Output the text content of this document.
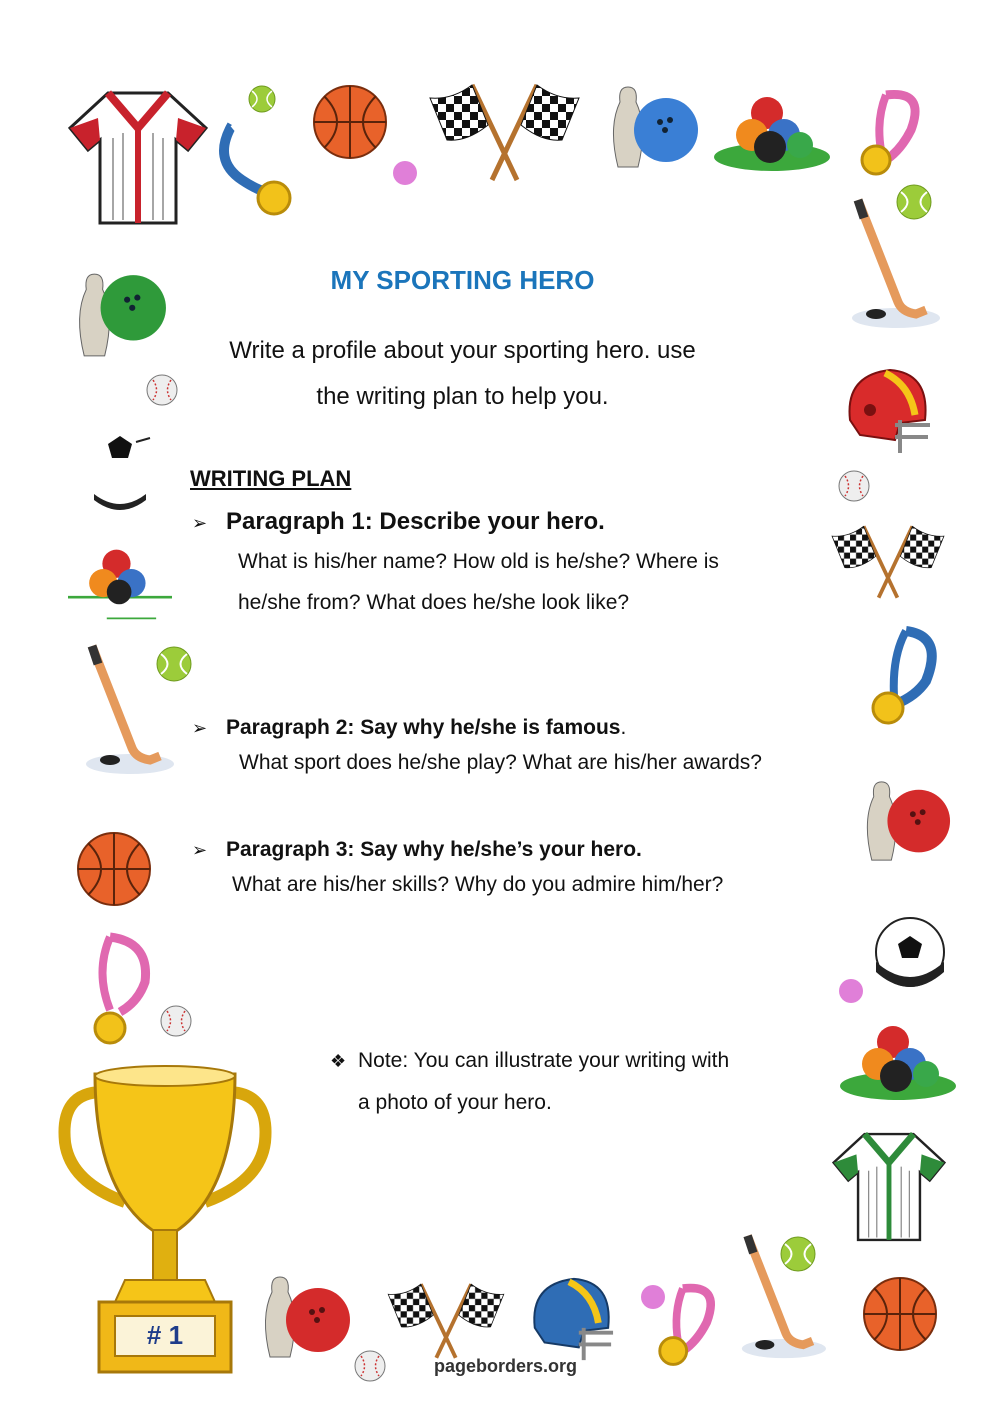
# 1
MY SPORTING HERO
Write a profile about your sporting hero. use
the writing plan to help you.
WRITING PLAN
➢ Paragraph 1: Describe your hero.
What is his/her name? How old is he/she? Where is
he/she from? What does he/she look like?
➢ Paragraph 2: Say why he/she is famous.
What sport does he/she play? What are his/her awards?
➢ Paragraph 3: Say why he/she’s your hero.
What are his/her skills? Why do you admire him/her?
❖ Note: You can illustrate your writing with
a photo of your hero.
pageborders.org
